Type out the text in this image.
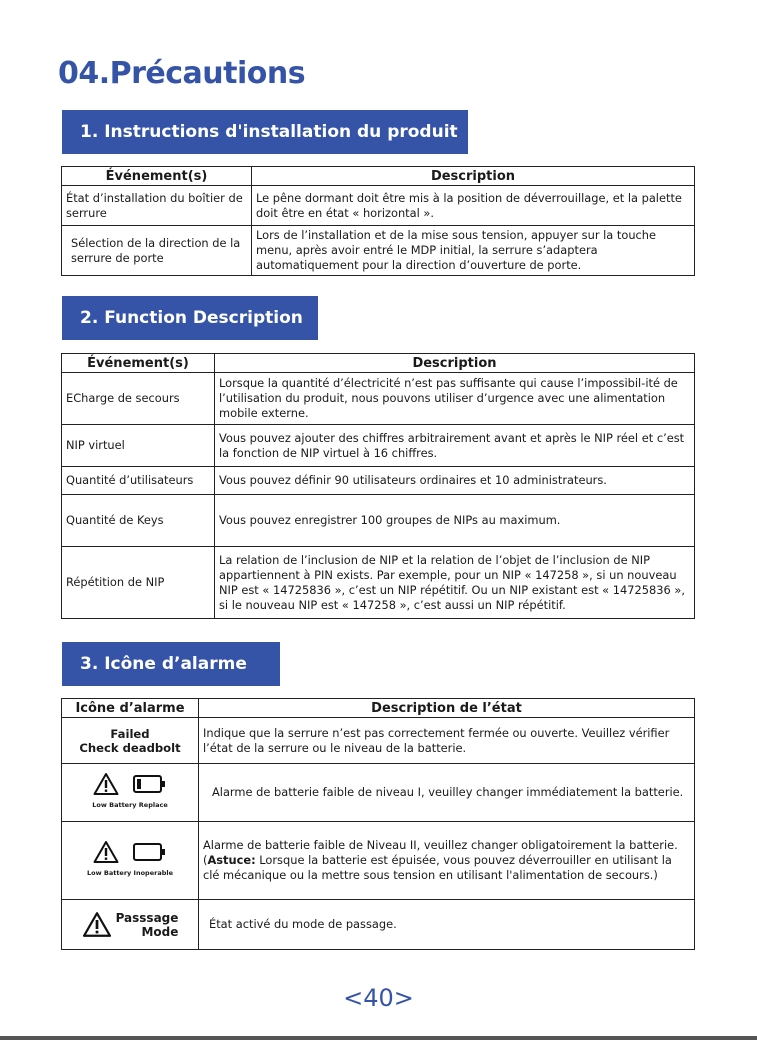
04.Précautions
1. Instructions d'installation du produit
Événement(s)	Description
État d’installation du boîtier de serrure	Le pêne dormant doit être mis à la position de déverrouillage, et la palette doit être en état « horizontal ».
Sélection de la direction de la serrure de porte	Lors de l’installation et de la mise sous tension, appuyer sur la touche menu, après avoir entré le MDP initial, la serrure s’adaptera automatiquement pour la direction d’ouverture de porte.
2. Function Description
Événement(s)	Description
ECharge de secours	Lorsque la quantité d’électricité n’est pas suffisante qui cause l’impossibil-ité de l’utilisation du produit, nous pouvons utiliser d’urgence avec une alimentation mobile externe.
NIP virtuel	Vous pouvez ajouter des chiffres arbitrairement avant et après le NIP réel et c’est la fonction de NIP virtuel à 16 chiffres.
Quantité d’utilisateurs	Vous pouvez définir 90 utilisateurs ordinaires et 10 administrateurs.
Quantité de Keys	Vous pouvez enregistrer 100 groupes de NIPs au maximum.
Répétition de NIP	La relation de l’inclusion de NIP et la relation de l’objet de l’inclusion de NIP appartiennent à PIN exists. Par exemple, pour un NIP « 147258 », si un nouveau NIP est « 14725836 », c’est un NIP répétitif. Ou un NIP existant est « 14725836 », si le nouveau NIP est « 147258 », c’est aussi un NIP répétitif.
3. Icône d’alarme
Icône d’alarme	Description de l’état
Failed
Check deadbolt	Indique que la serrure n’est pas correctement fermée ou ouverte. Veuillez vérifier l’état de la serrure ou le niveau de la batterie.

Low Battery Replace	Alarme de batterie faible de niveau I, veuilley changer immédiatement la batterie.

Low Battery Inoperable	Alarme de batterie faible de Niveau II, veuillez changer obligatoirement la batterie. (Astuce: Lorsque la batterie est épuisée, vous pouvez déverrouiller en utilisant la clé mécanique ou la mettre sous tension en utilisant l'alimentation de secours.)

Passsage
Mode	État activé du mode de passage.
<40>
